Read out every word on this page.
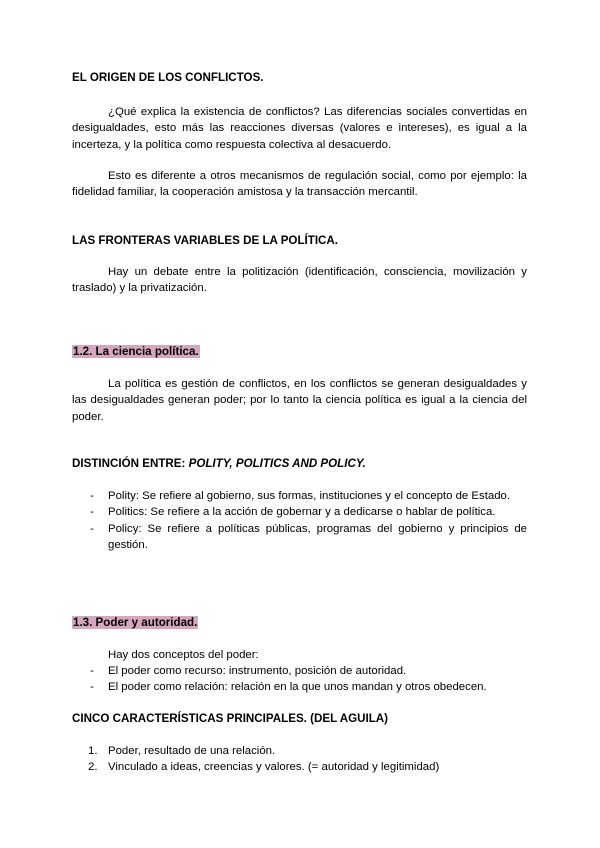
EL ORIGEN DE LOS CONFLICTOS.

¿Qué explica la existencia de conflictos? Las diferencias sociales convertidas en desigualdades, esto más las reacciones diversas (valores e intereses), es igual a la incerteza, y la política como respuesta colectiva al desacuerdo.

Esto es diferente a otros mecanismos de regulación social, como por ejemplo: la fidelidad familiar, la cooperación amistosa y la transacción mercantil.

LAS FRONTERAS VARIABLES DE LA POLÍTICA.

Hay un debate entre la politización (identificación, consciencia, movilización y traslado) y la privatización.

1.2. La ciencia política.

La política es gestión de conflictos, en los conflictos se generan desigualdades y las desigualdades generan poder; por lo tanto la ciencia política es igual a la ciencia del poder.

DISTINCIÓN ENTRE: POLITY, POLITICS AND POLICY.
- Polity: Se refiere al gobierno, sus formas, instituciones y el concepto de Estado.
- Politics: Se refiere a la acción de gobernar y a dedicarse o hablar de política.
- Policy: Se refiere a políticas públicas, programas del gobierno y principios de gestión.
1.3. Poder y autoridad.
Hay dos conceptos del poder:
- El poder como recurso: instrumento, posición de autoridad.
- El poder como relación: relación en la que unos mandan y otros obedecen.
CINCO CARACTERÍSTICAS PRINCIPALES. (DEL AGUILA)
1. Poder, resultado de una relación.
2. Vinculado a ideas, creencias y valores. (= autoridad y legitimidad)
